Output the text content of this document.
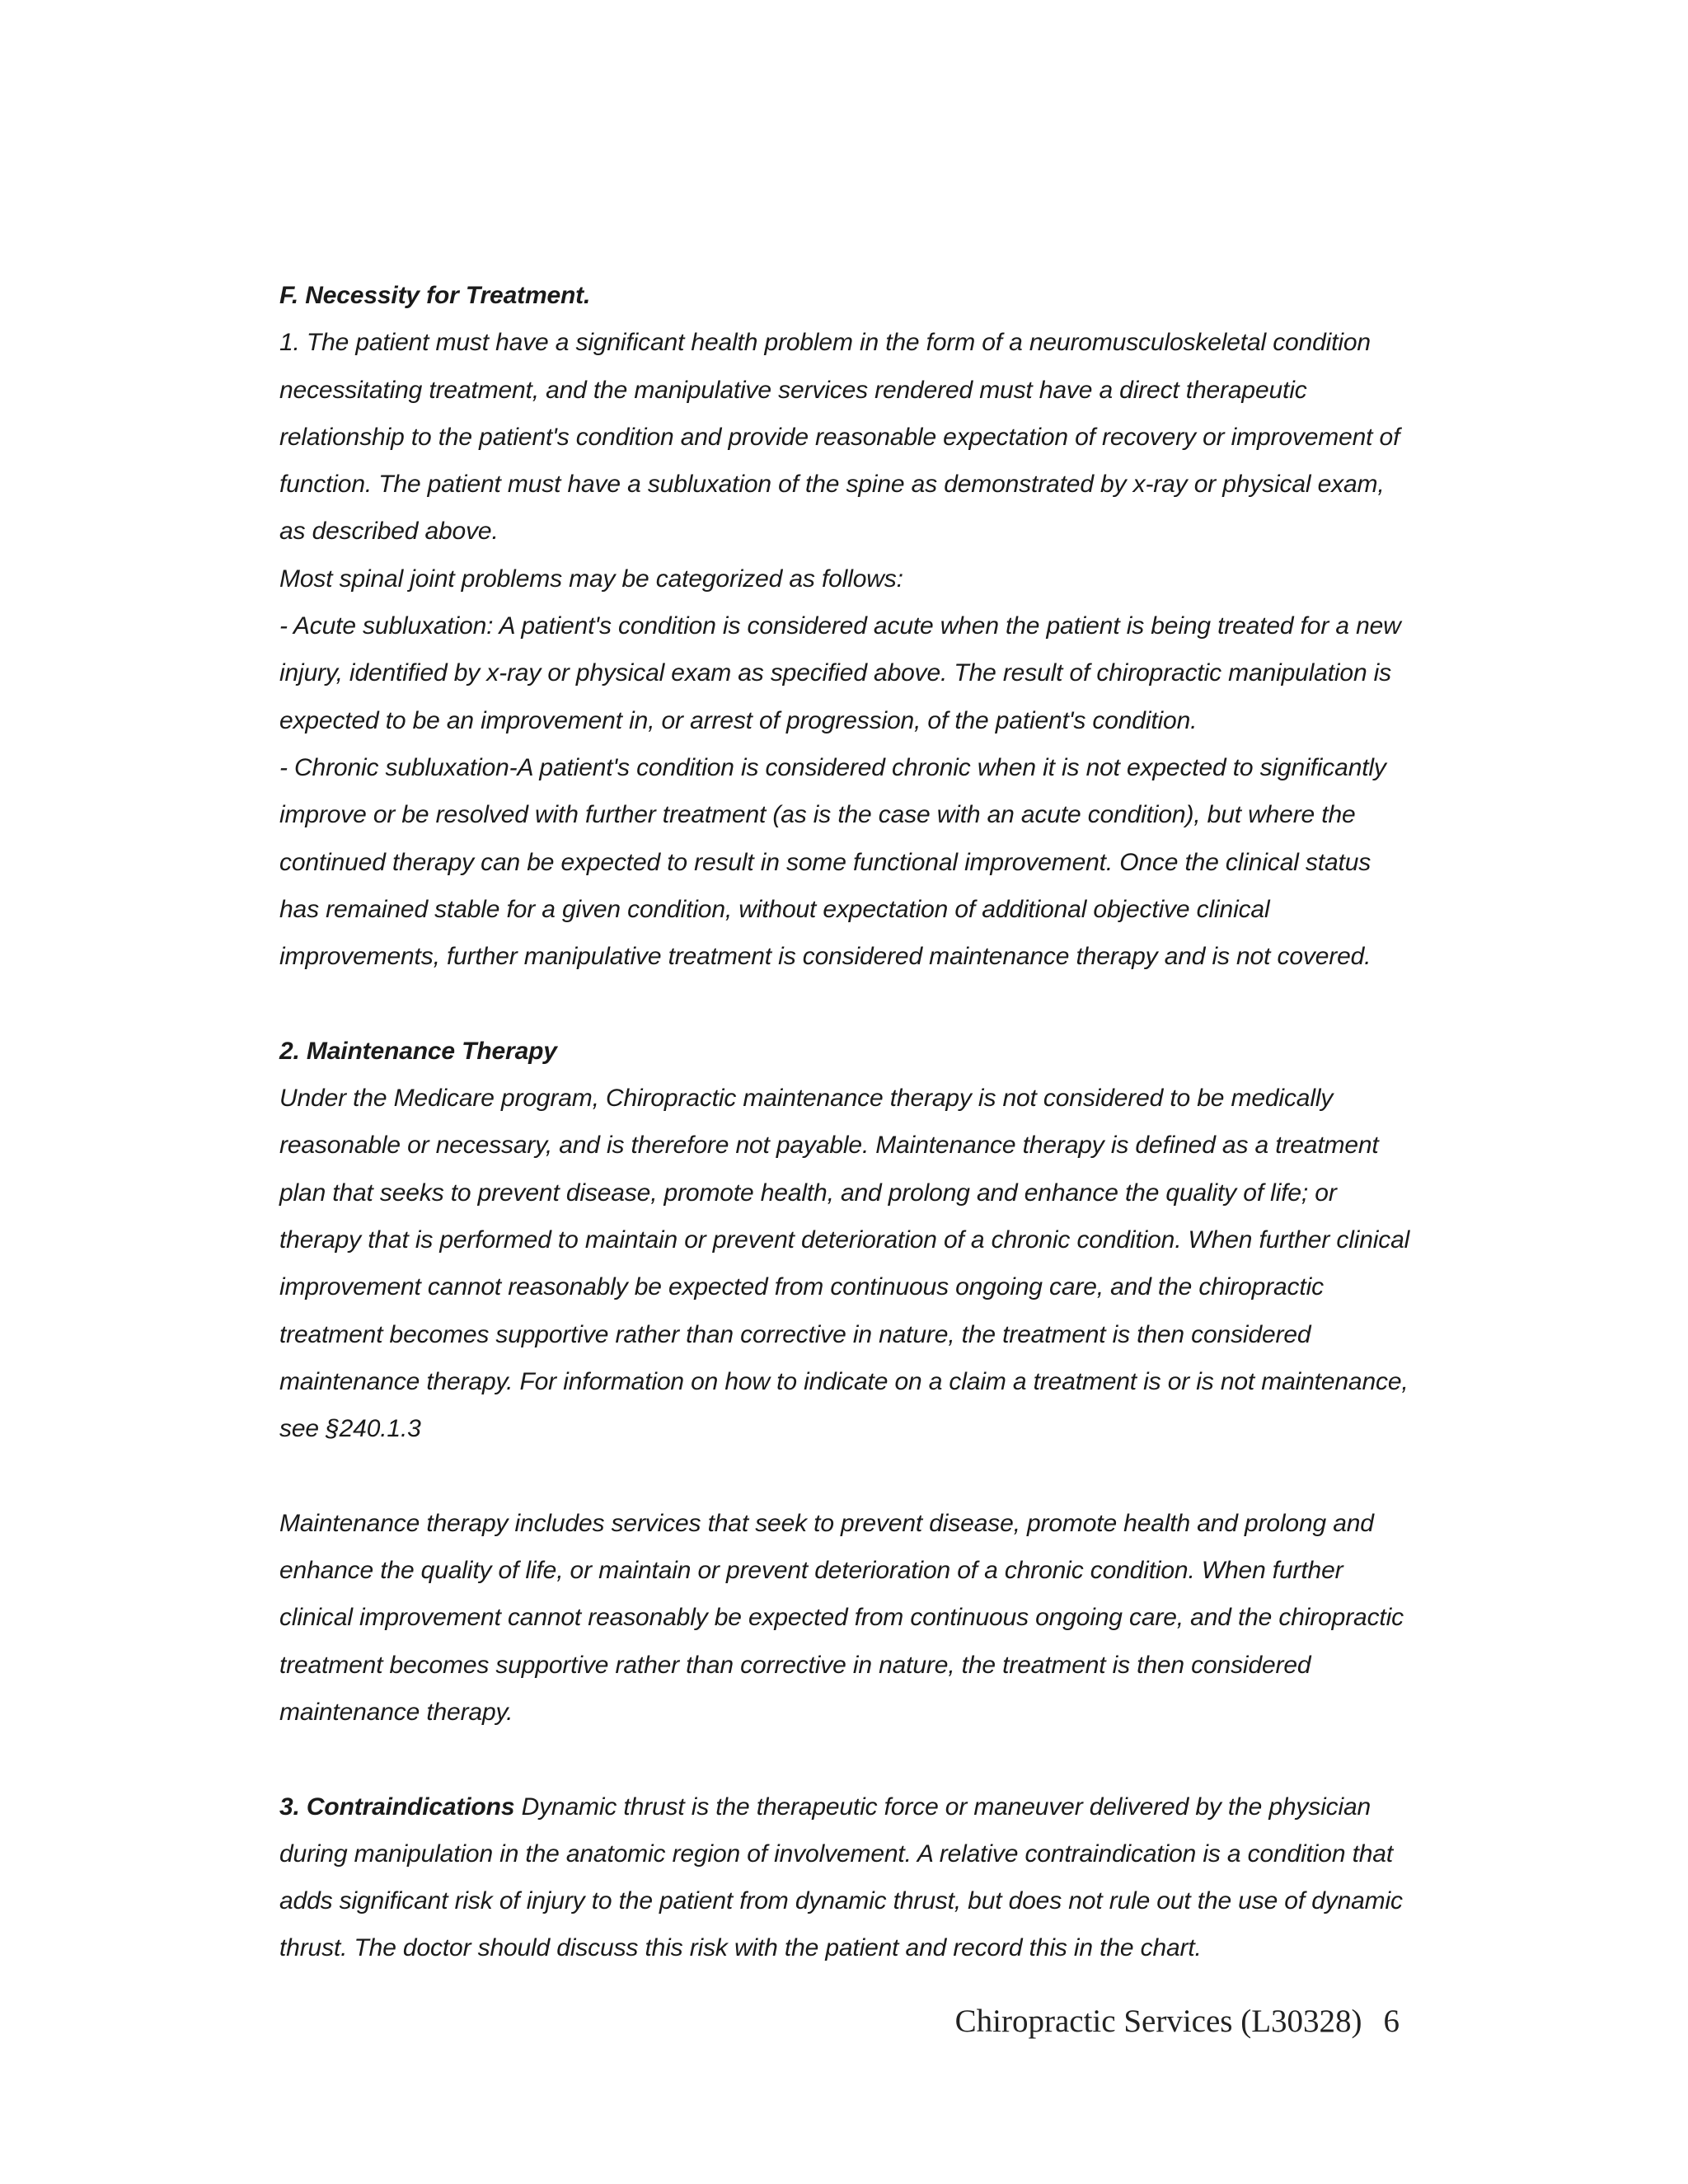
F. Necessity for Treatment.

1. The patient must have a significant health problem in the form of a neuromusculoskeletal condition necessitating treatment, and the manipulative services rendered must have a direct therapeutic relationship to the patient's condition and provide reasonable expectation of recovery or improvement of function. The patient must have a subluxation of the spine as demonstrated by x-ray or physical exam, as described above.

Most spinal joint problems may be categorized as follows:

- Acute subluxation: A patient's condition is considered acute when the patient is being treated for a new injury, identified by x-ray or physical exam as specified above. The result of chiropractic manipulation is expected to be an improvement in, or arrest of progression, of the patient's condition.

- Chronic subluxation-A patient's condition is considered chronic when it is not expected to significantly improve or be resolved with further treatment (as is the case with an acute condition), but where the continued therapy can be expected to result in some functional improvement. Once the clinical status has remained stable for a given condition, without expectation of additional objective clinical improvements, further manipulative treatment is considered maintenance therapy and is not covered.

2. Maintenance Therapy

Under the Medicare program, Chiropractic maintenance therapy is not considered to be medically reasonable or necessary, and is therefore not payable. Maintenance therapy is defined as a treatment plan that seeks to prevent disease, promote health, and prolong and enhance the quality of life; or therapy that is performed to maintain or prevent deterioration of a chronic condition. When further clinical improvement cannot reasonably be expected from continuous ongoing care, and the chiropractic treatment becomes supportive rather than corrective in nature, the treatment is then considered maintenance therapy. For information on how to indicate on a claim a treatment is or is not maintenance, see §240.1.3

Maintenance therapy includes services that seek to prevent disease, promote health and prolong and enhance the quality of life, or maintain or prevent deterioration of a chronic condition. When further clinical improvement cannot reasonably be expected from continuous ongoing care, and the chiropractic treatment becomes supportive rather than corrective in nature, the treatment is then considered maintenance therapy.

3. Contraindications Dynamic thrust is the therapeutic force or maneuver delivered by the physician during manipulation in the anatomic region of involvement. A relative contraindication is a condition that adds significant risk of injury to the patient from dynamic thrust, but does not rule out the use of dynamic thrust. The doctor should discuss this risk with the patient and record this in the chart.

Chiropractic Services (L30328) 6
